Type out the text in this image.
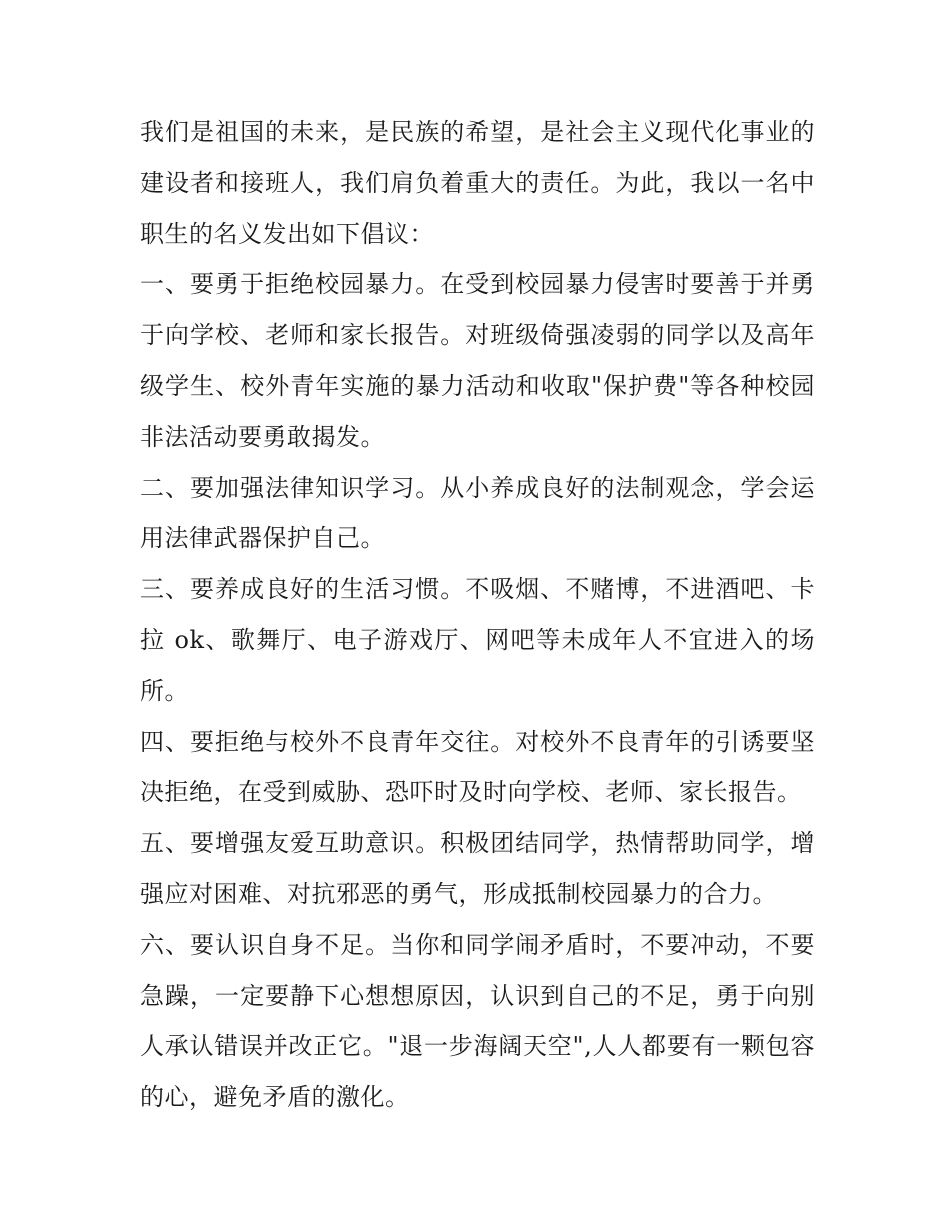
我们是祖国的未来，是民族的希望，是社会主义现代化事业的建设者和接班人，我们肩负着重大的责任。为此，我以一名中职生的名义发出如下倡议：

一、要勇于拒绝校园暴力。在受到校园暴力侵害时要善于并勇于向学校、老师和家长报告。对班级倚强凌弱的同学以及高年级学生、校外青年实施的暴力活动和收取"保护费"等各种校园非法活动要勇敢揭发。

二、要加强法律知识学习。从小养成良好的法制观念，学会运用法律武器保护自己。

三、要养成良好的生活习惯。不吸烟、不赌博，不进酒吧、卡拉 ok、歌舞厅、电子游戏厅、网吧等未成年人不宜进入的场所。

四、要拒绝与校外不良青年交往。对校外不良青年的引诱要坚决拒绝，在受到威胁、恐吓时及时向学校、老师、家长报告。

五、要增强友爱互助意识。积极团结同学，热情帮助同学，增强应对困难、对抗邪恶的勇气，形成抵制校园暴力的合力。

六、要认识自身不足。当你和同学闹矛盾时，不要冲动，不要急躁，一定要静下心想想原因，认识到自己的不足，勇于向别人承认错误并改正它。"退一步海阔天空",人人都要有一颗包容的心，避免矛盾的激化。
